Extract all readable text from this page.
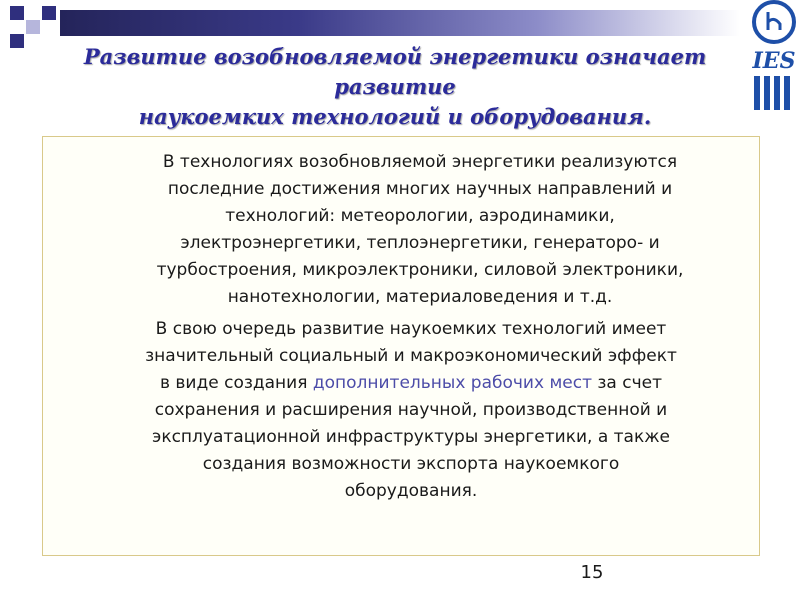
Развитие возобновляемой энергетики означает развитие
наукоемких технологий и оборудования.
IES

В технологиях возобновляемой энергетики реализуются
последние достижения многих научных направлений и
технологий: метеорологии, аэродинамики,
электроэнергетики, теплоэнергетики, генераторо- и
турбостроения, микроэлектроники, силовой электроники,
нанотехнологии, материаловедения и т.д.

В свою очередь развитие наукоемких технологий имеет
значительный социальный и макроэкономический эффект
в виде создания дополнительных рабочих мест за счет
сохранения и расширения научной, производственной и
эксплуатационной инфраструктуры энергетики, а также
создания возможности экспорта наукоемкого
оборудования.

15
